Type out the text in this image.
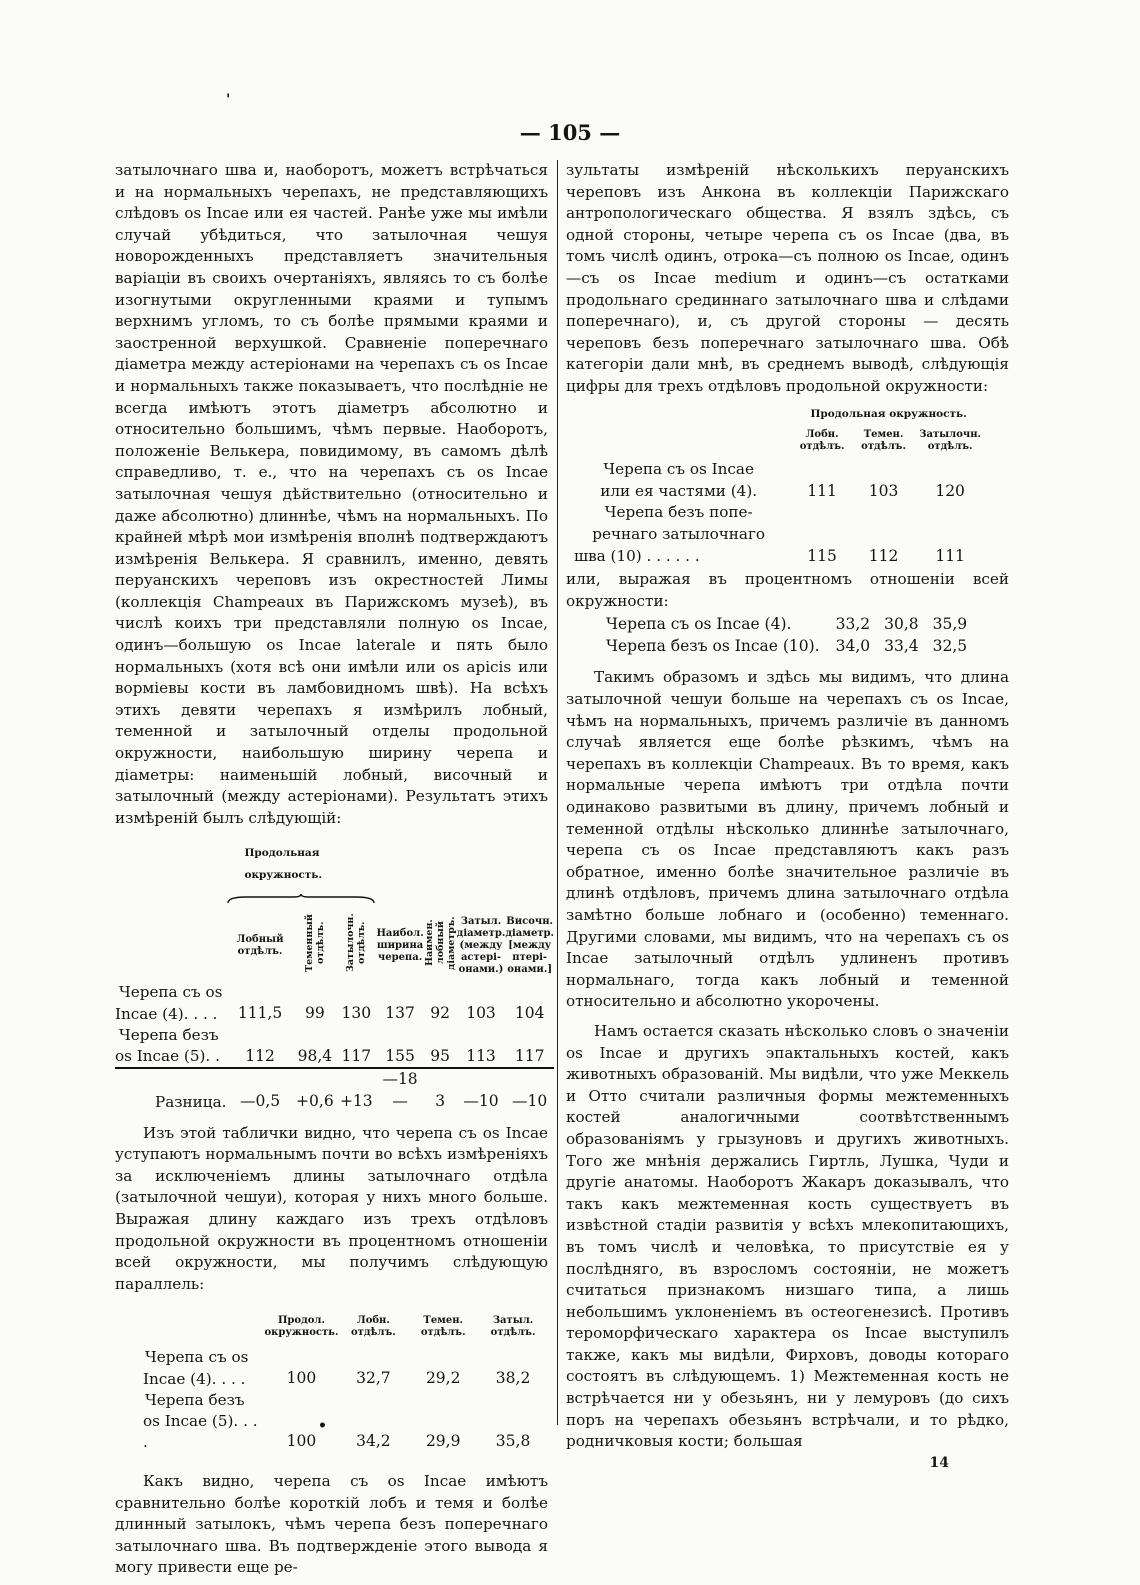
'
— 105 —

затылочнаго шва и, наоборотъ, можетъ встрѣчаться и на нормальныхъ черепахъ, не представляющихъ слѣдовъ os Incae или ея частей. Ранѣе уже мы имѣли случай убѣдиться, что затылочная чешуя новорожденныхъ представляетъ значительныя варіаціи въ своихъ очертаніяхъ, являясь то съ болѣе изогнутыми округленными краями и тупымъ верхнимъ угломъ, то съ болѣе прямыми краями и заостренной верхушкой. Сравненіе поперечнаго діаметра между астеріонами на черепахъ съ os Incae и нормальныхъ также показываетъ, что послѣдніе не всегда имѣютъ этотъ діаметръ абсолютно и относительно большимъ, чѣмъ первые. Наоборотъ, положеніе Велькера, повидимому, въ самомъ дѣлѣ справедливо, т. е., что на черепахъ съ os Incae затылочная чешуя дѣйствительно (относительно и даже абсолютно) длиннѣе, чѣмъ на нормальныхъ. По крайней мѣрѣ мои измѣренія вполнѣ подтверждаютъ измѣренія Велькера. Я сравнилъ, именно, девять перуанскихъ череповъ изъ окрестностей Лимы (коллекція Champeaux въ Парижскомъ музеѣ), въ числѣ коихъ три представляли полную os Incae, одинъ—большую os Incae laterale и пять было нормальныхъ (хотя всѣ они имѣли или os apicis или вормiевы кости въ ламбовидномъ швѣ). На всѣхъ этихъ девяти черепахъ я измѣрилъ лобный, теменной и затылочный отделы продольной окружности, наибольшую ширину черепа и діаметры: наименьшій лобный, височный и затылочный (между астеріонами). Результатъ этихъ измѣреній былъ слѣдующій:

	Продольная окружность.						

	Лобный отдѣлъ.	Теменный отдѣлъ.	Затылочн. отдѣлъ.	Наибол. ширина черепа.	Наимен. лобный діаметръ.	Затыл. діаметр. (между астері- онами.)	Височн. діаметр. [между птері- онами.]
Черепа съ os							
Incae (4). . . .	111,5	99	130	137	92	103	104
Черепа безъ							
os Incae (5). .	112	98,4	117	155	95	113	117
Разница.	—0,5	+0,6	+13	—18—	3	—10	—10

Изъ этой таблички видно, что черепа съ os Incae уступаютъ нормальнымъ почти во всѣхъ измѣреніяхъ за исключеніемъ длины затылочнаго отдѣла (затылочной чешуи), которая у нихъ много больше. Выражая длину каждаго изъ трехъ отдѣловъ продольной окружности въ процентномъ отношеніи всей окружности, мы получимъ слѣдующую параллель:

	Продол. окружность.	Лобн. отдѣлъ.	Темен. отдѣлъ.	Затыл. отдѣлъ.
Черепа съ os				
Incae (4). . . .	100	32,7	29,2	38,2
Черепа безъ				
os Incae (5). . . .	100	34,2	29,9	35,8

Какъ видно, черепа съ os Incae имѣютъ сравнительно болѣе короткій лобъ и темя и болѣе длинный затылокъ, чѣмъ черепа безъ поперечнаго затылочнаго шва. Въ подтвержденіе этого вывода я могу привести еще ре-

зультаты измѣреній нѣсколькихъ перуанскихъ череповъ изъ Анкона въ коллекціи Парижскаго антропологическаго общества. Я взялъ здѣсь, съ одной стороны, четыре черепа съ os Incae (два, въ томъ числѣ одинъ, отрока—съ полною os Incae, одинъ—съ os Incae medium и одинъ—съ остатками продольнаго срединнаго затылочнаго шва и слѣдами поперечнаго), и, съ другой стороны — десять череповъ безъ поперечнаго затылочнаго шва. Обѣ категоріи дали мнѣ, въ среднемъ выводѣ, слѣдующія цифры для трехъ отдѣловъ продольной окружности:

	Продольная окружность.		
	Лобн. отдѣлъ.	Темен. отдѣлъ.	Затылочн. отдѣлъ.
Черепа съ os Incae			
или ея частями (4).	111	103	120
Черепа безъ попе-			
речнаго затылочнаго			
шва (10) . . . . . .	115	112	111

или, выражая въ процентномъ отношеніи всей окружности:

Черепа съ os Incae (4).	33,2	30,8	35,9
Черепа безъ os Incae (10).	34,0	33,4	32,5

Такимъ образомъ и здѣсь мы видимъ, что длина затылочной чешуи больше на черепахъ съ os Incae, чѣмъ на нормальныхъ, причемъ различіе въ данномъ случаѣ является еще болѣе рѣзкимъ, чѣмъ на черепахъ въ коллекціи Champeaux. Въ то время, какъ нормальные черепа имѣютъ три отдѣла почти одинаково развитыми въ длину, причемъ лобный и теменной отдѣлы нѣсколько длиннѣе затылочнаго, черепа съ os Incae представляютъ какъ разъ обратное, именно болѣе значительное различіе въ длинѣ отдѣловъ, причемъ длина затылочнаго отдѣла замѣтно больше лобнаго и (особенно) теменнаго. Другими словами, мы видимъ, что на черепахъ съ os Incae затылочный отдѣлъ удлиненъ противъ нормальнаго, тогда какъ лобный и теменной относительно и абсолютно укорочены.

Намъ остается сказать нѣсколько словъ о значеніи os Incae и другихъ эпактальныхъ костей, какъ животныхъ образованій. Мы видѣли, что уже Меккель и Отто считали различныя формы межтеменныхъ костей аналогичными соотвѣтственнымъ образованіямъ у грызуновъ и другихъ животныхъ. Того же мнѣнія держались Гиртль, Лушка, Чуди и другіе анатомы. Наоборотъ Жакаръ доказывалъ, что такъ какъ межтеменная кость существуетъ въ извѣстной стадіи развитія у всѣхъ млекопитающихъ, въ томъ числѣ и человѣка, то присутствіе ея у послѣдняго, въ взросломъ состояніи, не можетъ считаться признакомъ низшаго типа, а лишь небольшимъ уклоненіемъ въ остеогенезисѣ. Противъ тероморфическаго характера os Incae выступилъ также, какъ мы видѣли, Фирховъ, доводы котораго состоятъ въ слѣдующемъ. 1) Межтеменная кость не встрѣчается ни у обезьянъ, ни у лемуровъ (до сихъ поръ на черепахъ обезьянъ встрѣчали, и то рѣдко, родничковыя кости; большая

14
•
